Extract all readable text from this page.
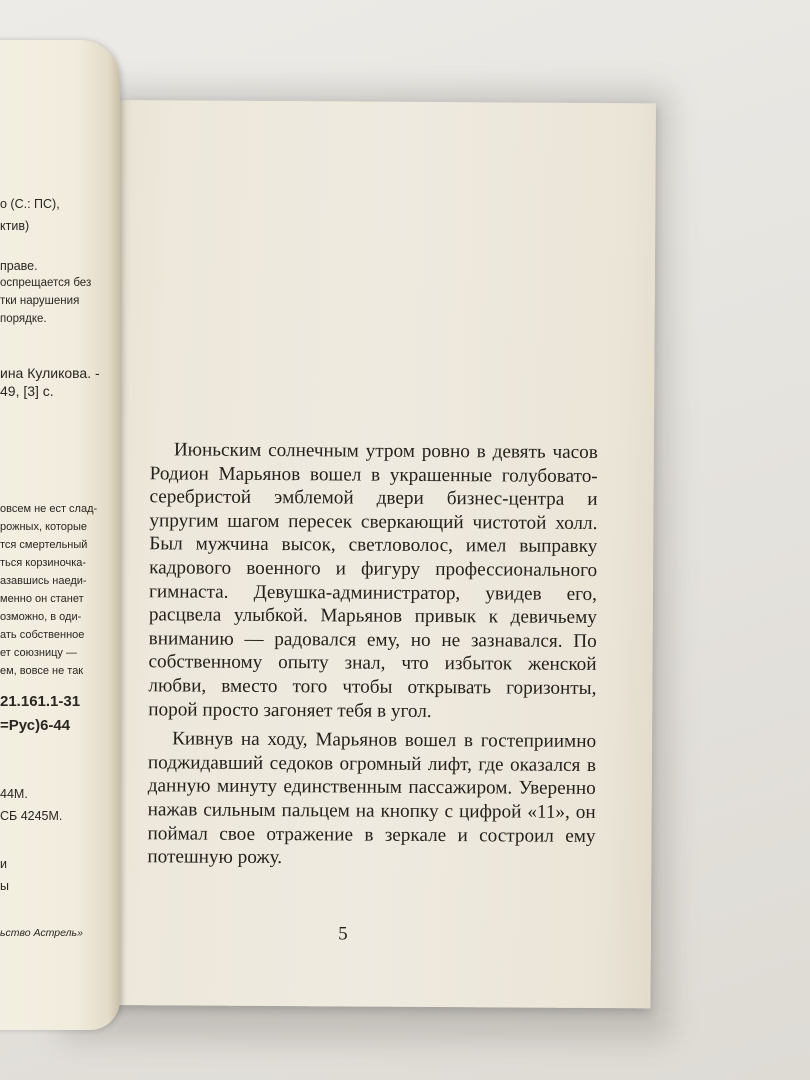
Июньским солнечным утром ровно в девять часов Родион Марьянов вошел в украшенные голубовато-серебристой эмблемой двери бизнес-центра и упругим шагом пересек сверкающий чистотой холл. Был мужчина высок, светловолос, имел выправку кадрового военного и фигуру профессионального гимнаста. Девушка-администратор, увидев его, расцвела улыбкой. Марьянов привык к девичьему вниманию — радовался ему, но не зазнавался. По собственному опыту знал, что избыток женской любви, вместо того чтобы открывать горизонты, порой просто загоняет тебя в угол.

Кивнув на ходу, Марьянов вошел в гостеприимно поджидавший седоков огромный лифт, где оказался в данную минуту единственным пассажиром. Уверенно нажав сильным пальцем на кнопку с цифрой «11», он поймал свое отражение в зеркале и состроил ему потешную рожу.

5
о (С.: ПС),
ктив)
праве.
оспрещается без
тки нарушения
порядке.
ина Куликова. -
49, [3] с.
овсем не ест слад-
рожных, которые
тся смертельный
ться корзиночка-
азавшись наеди-
менно он станет
озможно, в оди-
ать собственное
ет союзницу —
ем, вовсе не так
21.161.1-31
=Рус)6-44
44М.
СБ 4245М.
и
ы
ьство Астрель»
